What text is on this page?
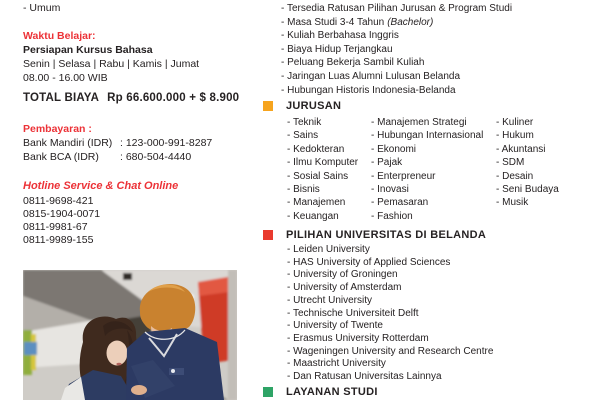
- Umum
Waktu Belajar:
Persiapan Kursus Bahasa
Senin | Selasa | Rabu | Kamis | Jumat
08.00 - 16.00 WIB
TOTAL BIAYA Rp 66.600.000 + $ 8.900
Pembayaran :
Bank Mandiri (IDR)	: 123-000-991-8287
Bank BCA (IDR)	: 680-504-4440
Hotline Service & Chat Online
0811-9698-421
0815-1904-0071
0811-9981-67
0811-9989-155
- Tersedia Ratusan Pilihan Jurusan & Program Studi
- Masa Studi 3-4 Tahun (Bachelor)
- Kuliah Berbahasa Inggris
- Biaya Hidup Terjangkau
- Peluang Bekerja Sambil Kuliah
- Jaringan Luas Alumni Lulusan Belanda
- Hubungan Historis Indonesia-Belanda
JURUSAN
- Teknik
- Sains
- Kedokteran
- Ilmu Komputer
- Sosial Sains
- Bisnis
- Manajemen
- Keuangan
- Manajemen Strategi
- Hubungan Internasional
- Ekonomi
- Pajak
- Enterpreneur
- Inovasi
- Pemasaran
- Fashion
- Kuliner
- Hukum
- Akuntansi
- SDM
- Desain
- Seni Budaya
- Musik
PILIHAN UNIVERSITAS DI BELANDA
- Leiden University
- HAS University of Applied Sciences
- University of Groningen
- University of Amsterdam
- Utrecht University
- Technische Universiteit Delft
- University of Twente
- Erasmus University Rotterdam
- Wageningen University and Research Centre
- Maastricht University
- Dan Ratusan Universitas Lainnya
LAYANAN STUDI
